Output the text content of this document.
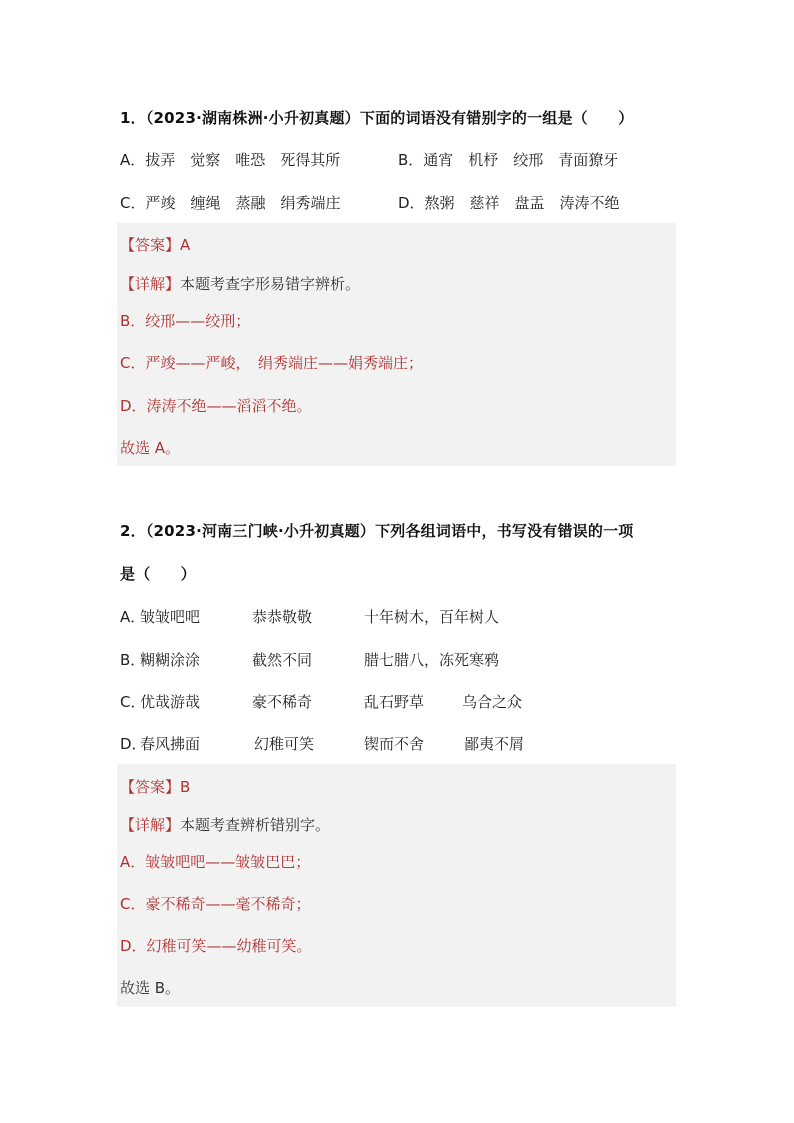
1．（2023·湖南株洲·小升初真题）下面的词语没有错别字的一组是（　　）
A．拔弄　觉察　唯恐　死得其所	B．通宵　机杼　绞邢　青面獠牙
C．严竣　缠绳　蒸融　绢秀端庄	D．熬粥　慈祥　盘盂　涛涛不绝
【答案】A
【详解】本题考查字形易错字辨析。
B．绞邢——绞刑；
C．严竣——严峻，　绢秀端庄——娟秀端庄；
D．涛涛不绝——滔滔不绝。
故选 A。
2．（2023·河南三门峡·小升初真题）下列各组词语中，书写没有错误的一项
是（　　）
A．
皱皱吧吧	恭恭敬敬	十年树木，百年树人
B．
糊糊涂涂	截然不同	腊七腊八，冻死寒鸦
C．
优哉游哉	豪不稀奇	乱石野草	乌合之众
D．
春风拂面	幻稚可笑	锲而不舍	鄙夷不屑
【答案】B
【详解】本题考查辨析错别字。
A．皱皱吧吧——皱皱巴巴；
C．豪不稀奇——毫不稀奇；
D．幻稚可笑——幼稚可笑。
故选 B。
